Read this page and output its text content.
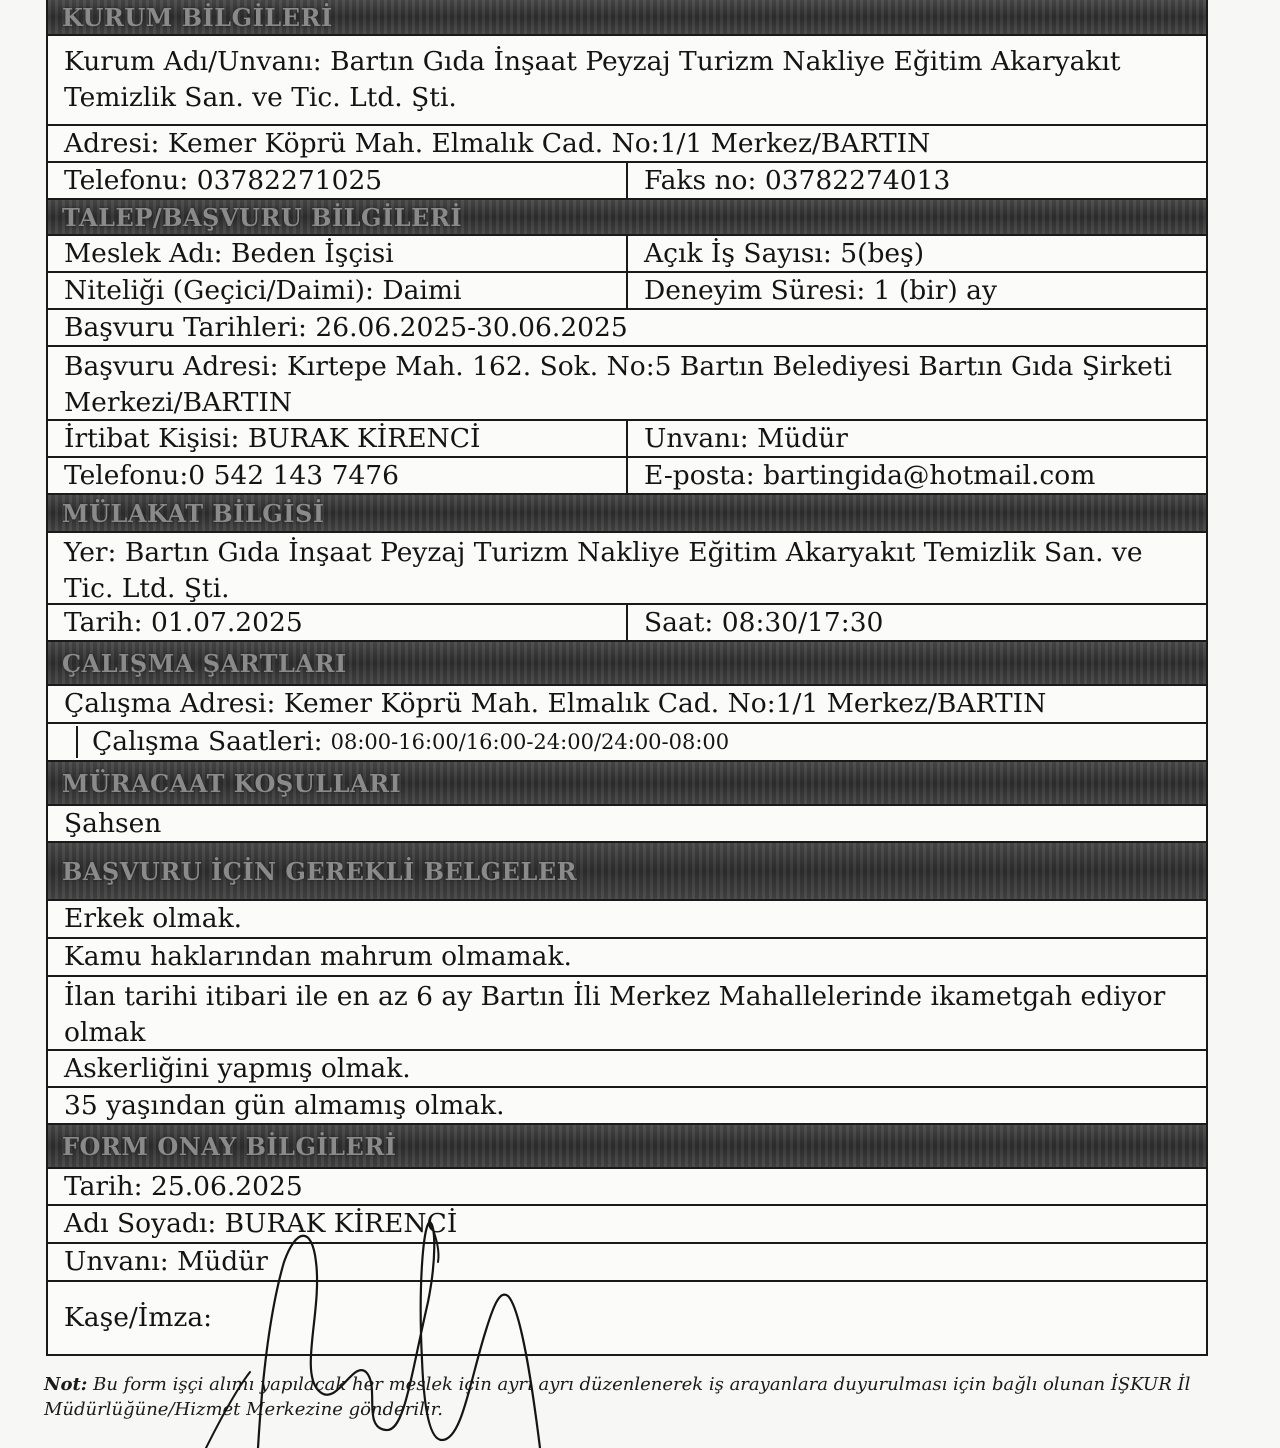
KURUM BİLGİLERİ
Kurum Adı/Unvanı: Bartın Gıda İnşaat Peyzaj Turizm Nakliye Eğitim Akaryakıt Temizlik San. ve Tic. Ltd. Şti.
Adresi: Kemer Köprü Mah. Elmalık Cad. No:1/1 Merkez/BARTIN
Telefonu: 03782271025	Faks no: 03782274013
TALEP/BAŞVURU BİLGİLERİ
Meslek Adı: Beden İşçisi	Açık İş Sayısı: 5(beş)
Niteliği (Geçici/Daimi): Daimi	Deneyim Süresi: 1 (bir) ay
Başvuru Tarihleri: 26.06.2025-30.06.2025
Başvuru Adresi: Kırtepe Mah. 162. Sok. No:5 Bartın Belediyesi Bartın Gıda Şirketi Merkezi/BARTIN
İrtibat Kişisi: BURAK KİRENCİ	Unvanı: Müdür
Telefonu:0 542 143 7476	E-posta: bartingida@hotmail.com
MÜLAKAT BİLGİSİ
Yer: Bartın Gıda İnşaat Peyzaj Turizm Nakliye Eğitim Akaryakıt Temizlik San. ve Tic. Ltd. Şti.
Tarih: 01.07.2025	Saat: 08:30/17:30
ÇALIŞMA ŞARTLARI
Çalışma Adresi: Kemer Köprü Mah. Elmalık Cad. No:1/1 Merkez/BARTIN
Çalışma Saatleri: 08:00-16:00/16:00-24:00/24:00-08:00
MÜRACAAT KOŞULLARI
Şahsen
BAŞVURU İÇİN GEREKLİ BELGELER
Erkek olmak.
Kamu haklarından mahrum olmamak.
İlan tarihi itibari ile en az 6 ay Bartın İli Merkez Mahallelerinde ikametgah ediyor olmak
Askerliğini yapmış olmak.
35 yaşından gün almamış olmak.
FORM ONAY BİLGİLERİ
Tarih: 25.06.2025
Adı Soyadı: BURAK KİRENCİ
Unvanı: Müdür
Kaşe/İmza:
Not: Bu form işçi alımı yapılacak her meslek için ayrı ayrı düzenlenerek iş arayanlara duyurulması için bağlı olunan İŞKUR İl Müdürlüğüne/Hizmet Merkezine gönderilir.
